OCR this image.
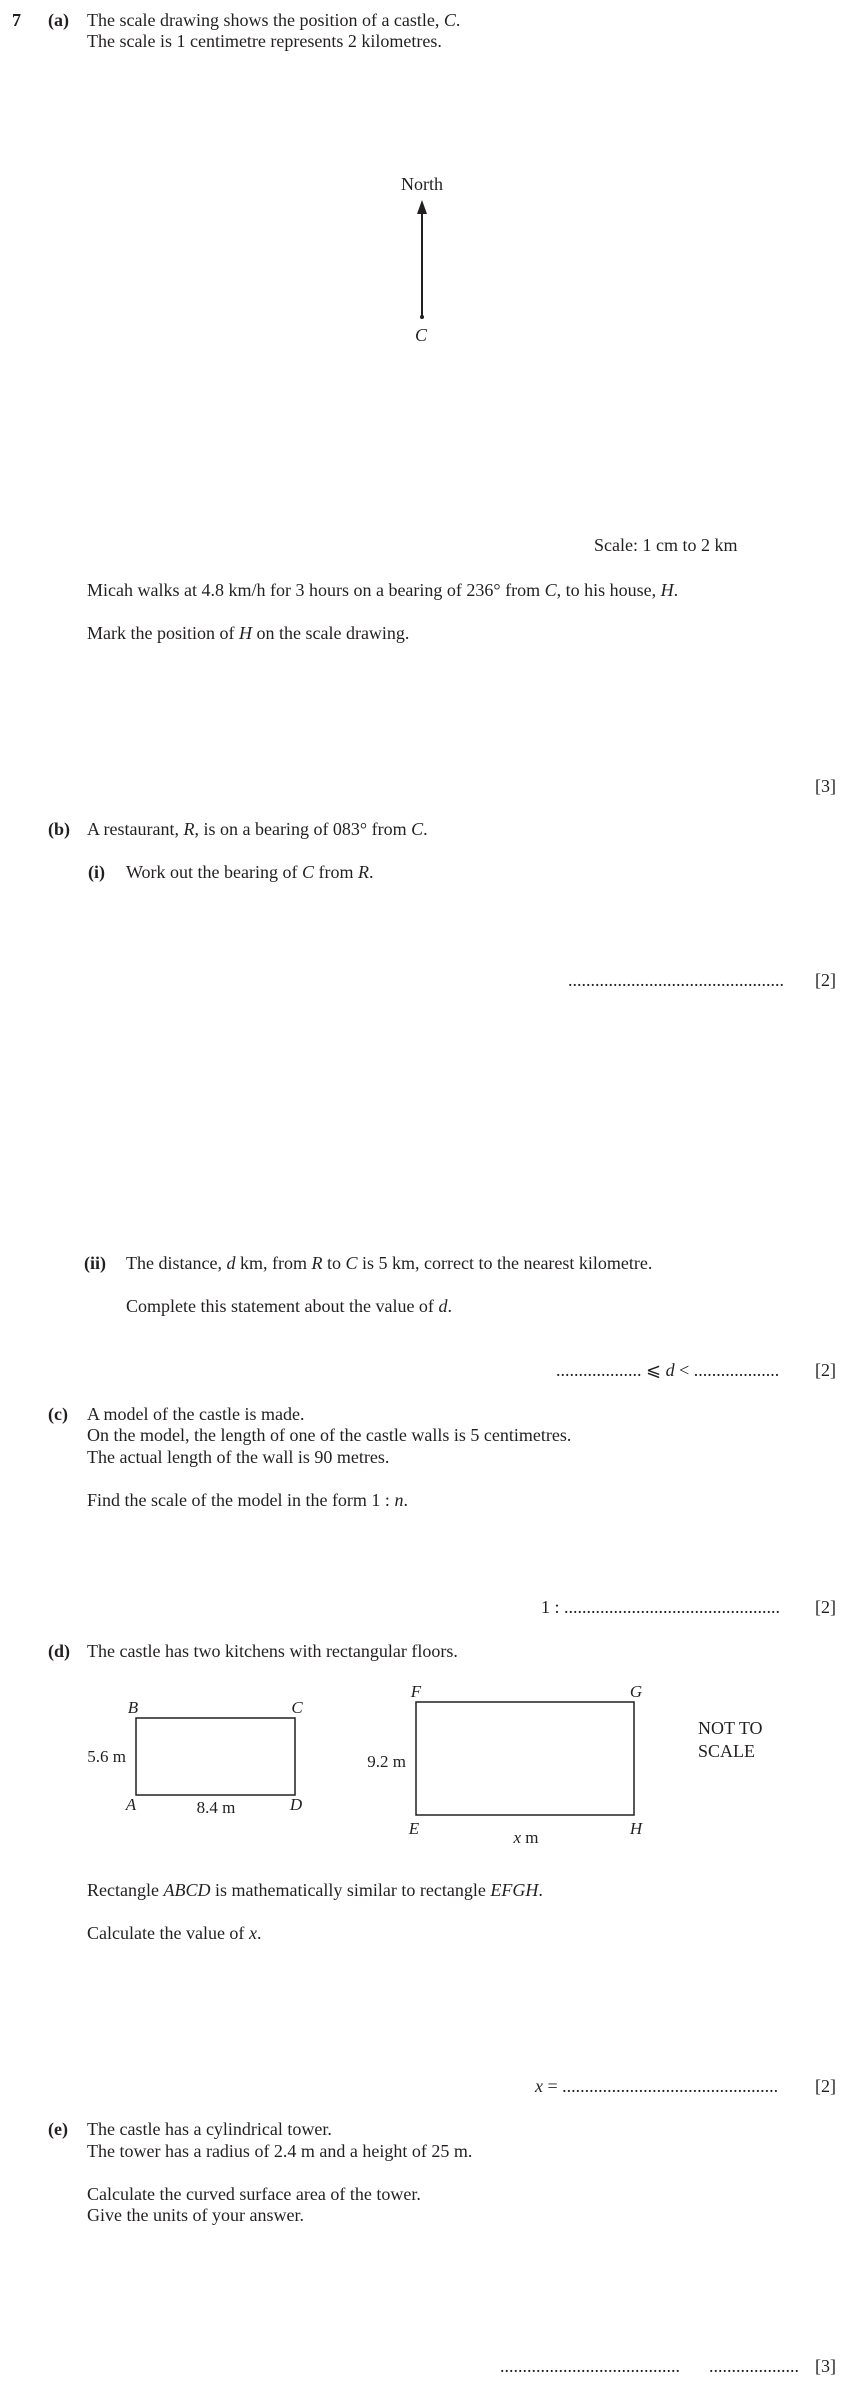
7 (a) The scale drawing shows the position of a castle, C.
The scale is 1 centimetre represents 2 kilometres.
North
C
B	C
A	D
5.6 m
8.4 m
F	G
E	H
9.2 m
x m
Scale: 1 cm to 2 km
Micah walks at 4.8 km/h for 3 hours on a bearing of 236° from C, to his house, H.
Mark the position of H on the scale drawing.
[3]
(b) A restaurant, R, is on a bearing of 083° from C.
(i) Work out the bearing of C from R.
................................................ [2]
(ii) The distance, d km, from R to C is 5 km, correct to the nearest kilometre.
Complete this statement about the value of d.
................... ⩽ d < ................... [2]
(c) A model of the castle is made.
On the model, the length of one of the castle walls is 5 centimetres.
The actual length of the wall is 90 metres.
Find the scale of the model in the form 1 : n.
1 : ................................................ [2]
(d) The castle has two kitchens with rectangular floors.
NOT TO
SCALE
Rectangle ABCD is mathematically similar to rectangle EFGH.
Calculate the value of x.
x = ................................................ [2]
(e) The castle has a cylindrical tower.
The tower has a radius of 2.4 m and a height of 25 m.
Calculate the curved surface area of the tower.
Give the units of your answer.
........................................ .................... [3]
